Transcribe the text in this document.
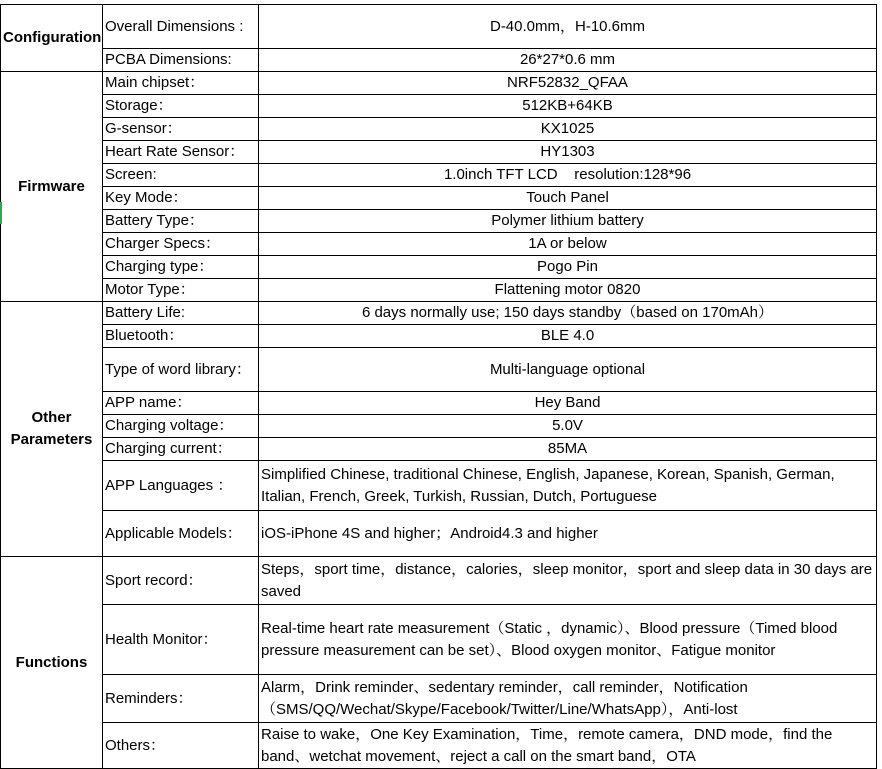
Configuration	Overall Dimensions :	D-40.0mm，H-10.6mm
	PCBA Dimensions:	26*27*0.6 mm
Firmware	Main chipset：	NRF52832_QFAA
	Storage：	512KB+64KB
	G-sensor：	KX1025
	Heart Rate Sensor：	HY1303
	Screen:	1.0inch TFT LCD    resolution:128*96
	Key Mode：	Touch Panel
	Battery Type：	Polymer lithium battery
	Charger Specs：	1A or below
	Charging type：	Pogo Pin
	Motor Type：	Flattening motor 0820
Other Parameters	Battery Life:	6 days normally use; 150 days standby（based on 170mAh）
	Bluetooth：	BLE 4.0
	Type of word library：	Multi-language optional
	APP name：	Hey Band
	Charging voltage：	5.0V
	Charging current：	85MA
	APP Languages ：	Simplified Chinese, traditional Chinese, English, Japanese, Korean, Spanish, German, Italian, French, Greek, Turkish, Russian, Dutch, Portuguese
	Applicable Models：	iOS-iPhone 4S and higher；Android4.3 and higher
Functions	Sport record：	Steps，sport time，distance，calories，sleep monitor，sport and sleep data in 30 days are saved
	Health Monitor：	Real-time heart rate measurement（Static ，dynamic）、Blood pressure（Timed blood pressure measurement can be set）、Blood oxygen monitor、Fatigue monitor
	Reminders：	Alarm，Drink reminder、sedentary reminder，call reminder，Notification（SMS/QQ/Wechat/Skype/Facebook/Twitter/Line/WhatsApp），Anti-lost
	Others：	Raise to wake，One Key Examination，Time，remote camera，DND mode，find the band、wetchat movement、reject a call on the smart band，OTA
